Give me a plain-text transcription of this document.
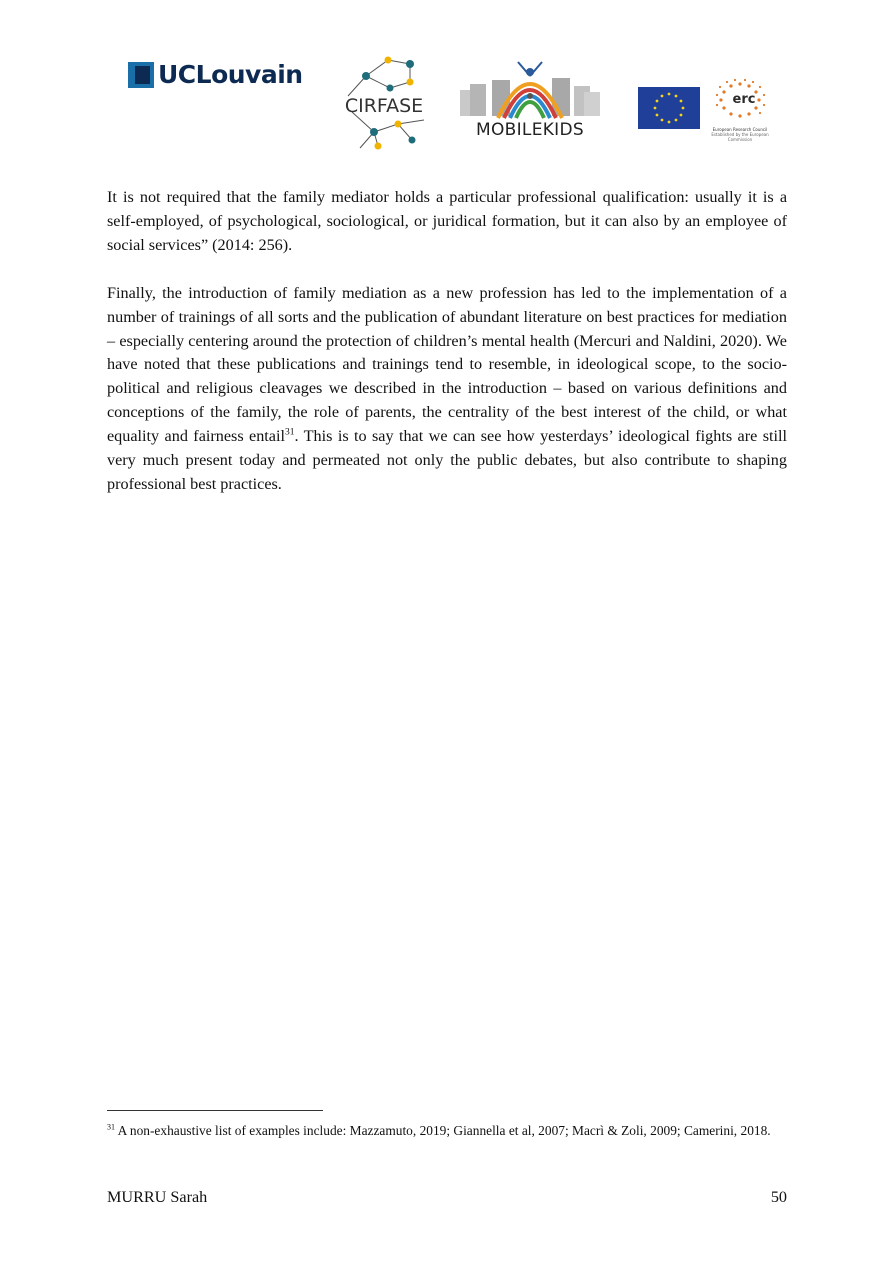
UCLouvain
CIRFASE
MOBILEKIDS
erc
European Research Council
Established by the European Commission

It is not required that the family mediator holds a particular professional qualification: usually it is a self-employed, of psychological, sociological, or juridical formation, but it can also by an employee of social services” (2014: 256).

Finally, the introduction of family mediation as a new profession has led to the implementation of a number of trainings of all sorts and the publication of abundant literature on best practices for mediation – especially centering around the protection of children’s mental health (Mercuri and Naldini, 2020). We have noted that these publications and trainings tend to resemble, in ideological scope, to the socio-political and religious cleavages we described in the introduction – based on various definitions and conceptions of the family, the role of parents, the centrality of the best interest of the child, or what equality and fairness entail$^{31}$. This is to say that we can see how yesterdays’ ideological fights are still very much present today and permeated not only the public debates, but also contribute to shaping professional best practices.

$^{31}$ A non-exhaustive list of examples include: Mazzamuto, 2019; Giannella et al, 2007; Macrì & Zoli, 2009; Camerini, 2018.
MURRU Sarah	50
